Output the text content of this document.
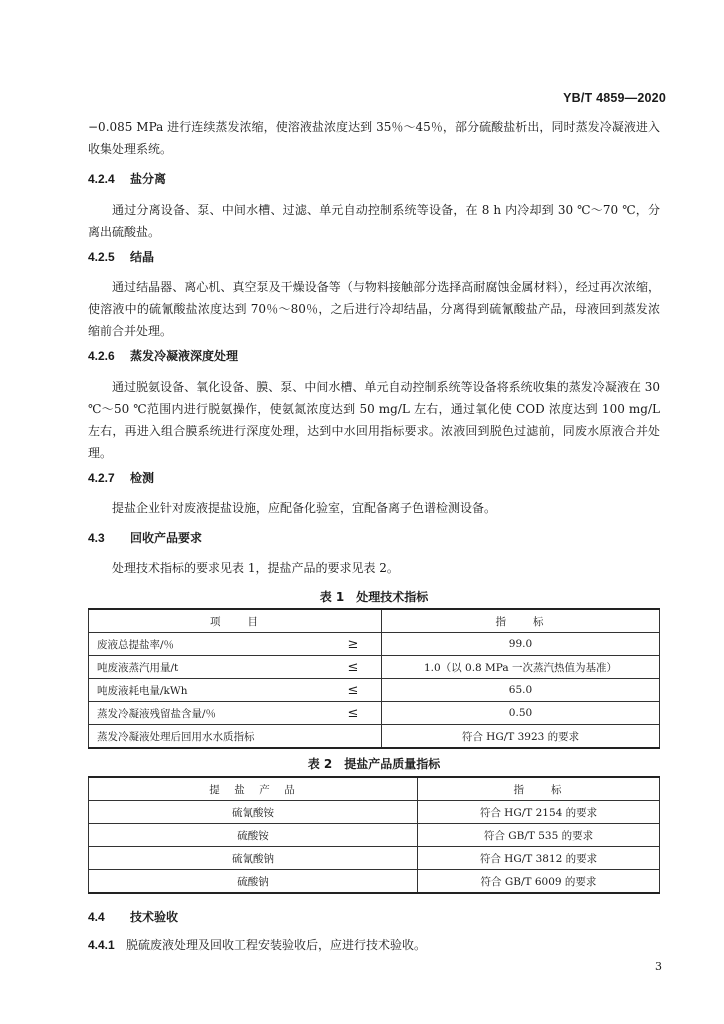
YB/T 4859—2020
−0.085 MPa 进行连续蒸发浓缩，使溶液盐浓度达到 35％～45％，部分硫酸盐析出，同时蒸发冷凝液进入收集处理系统。
4.2.4 盐分离
通过分离设备、泵、中间水槽、过滤、单元自动控制系统等设备，在 8 h 内冷却到 30 ℃～70 ℃，分离出硫酸盐。
4.2.5 结晶
通过结晶器、离心机、真空泵及干燥设备等（与物料接触部分选择高耐腐蚀金属材料），经过再次浓缩，使溶液中的硫氰酸盐浓度达到 70％～80％，之后进行冷却结晶，分离得到硫氰酸盐产品，母液回到蒸发浓缩前合并处理。
4.2.6 蒸发冷凝液深度处理
通过脱氨设备、氧化设备、膜、泵、中间水槽、单元自动控制系统等设备将系统收集的蒸发冷凝液在 30 ℃～50 ℃范围内进行脱氨操作，使氨氮浓度达到 50 mg/L 左右，通过氧化使 COD 浓度达到 100 mg/L 左右，再进入组合膜系统进行深度处理，达到中水回用指标要求。浓液回到脱色过滤前，同废水原液合并处理。
4.2.7 检测
提盐企业针对废液提盐设施，应配备化验室，宜配备离子色谱检测设备。
4.3 回收产品要求
处理技术指标的要求见表 1，提盐产品的要求见表 2。
表 1　处理技术指标
项　　目		指　　标
废液总提盐率/％	≥	99.0
吨废液蒸汽用量/t	≤	1.0（以 0.8 MPa 一次蒸汽热值为基准）
吨废液耗电量/kWh	≤	65.0
蒸发冷凝液残留盐含量/％	≤	0.50
蒸发冷凝液处理后回用水水质指标		符合 HG/T 3923 的要求
表 2　提盐产品质量指标
提　盐　产　品	指　　标
硫氰酸铵	符合 HG/T 2154 的要求
硫酸铵	符合 GB/T 535 的要求
硫氰酸钠	符合 HG/T 3812 的要求
硫酸钠	符合 GB/T 6009 的要求
4.4 技术验收
4.4.1 脱硫废液处理及回收工程安装验收后，应进行技术验收。
3
